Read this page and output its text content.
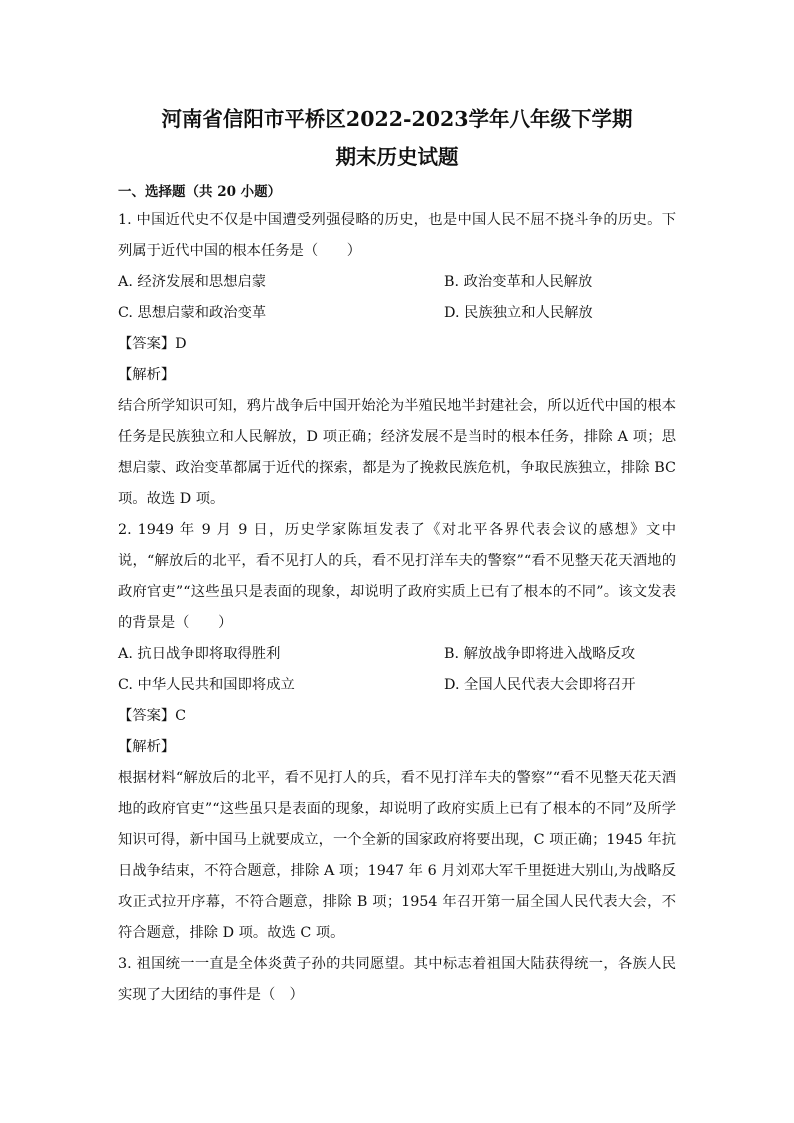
河南省信阳市平桥区2022-2023学年八年级下学期
期末历史试题

一、选择题（共 20 小题）

1. 中国近代史不仅是中国遭受列强侵略的历史，也是中国人民不屈不挠斗争的历史。下列属于近代中国的根本任务是（　　）

A. 经济发展和思想启蒙	B. 政治变革和人民解放
C. 思想启蒙和政治变革	D. 民族独立和人民解放

【答案】D

【解析】

结合所学知识可知，鸦片战争后中国开始沦为半殖民地半封建社会，所以近代中国的根本任务是民族独立和人民解放，D 项正确；经济发展不是当时的根本任务，排除 A 项；思想启蒙、政治变革都属于近代的探索，都是为了挽救民族危机，争取民族独立，排除 BC 项。故选 D 项。

2. 1949 年 9 月 9 日，历史学家陈垣发表了《对北平各界代表会议的感想》文中说，“解放后的北平，看不见打人的兵，看不见打洋车夫的警察”“看不见整天花天酒地的政府官吏”“这些虽只是表面的现象，却说明了政府实质上已有了根本的不同”。该文发表的背景是（　　）

A. 抗日战争即将取得胜利	B. 解放战争即将进入战略反攻
C. 中华人民共和国即将成立	D. 全国人民代表大会即将召开

【答案】C

【解析】

根据材料“解放后的北平，看不见打人的兵，看不见打洋车夫的警察”“看不见整天花天酒地的政府官吏”“这些虽只是表面的现象，却说明了政府实质上已有了根本的不同”及所学知识可得，新中国马上就要成立，一个全新的国家政府将要出现，C 项正确；1945 年抗日战争结束，不符合题意，排除 A 项；1947 年 6 月刘邓大军千里挺进大别山,为战略反攻正式拉开序幕，不符合题意，排除 B 项；1954 年召开第一届全国人民代表大会，不符合题意，排除 D 项。故选 C 项。

3. 祖国统一一直是全体炎黄子孙的共同愿望。其中标志着祖国大陆获得统一，各族人民实现了大团结的事件是（　）
